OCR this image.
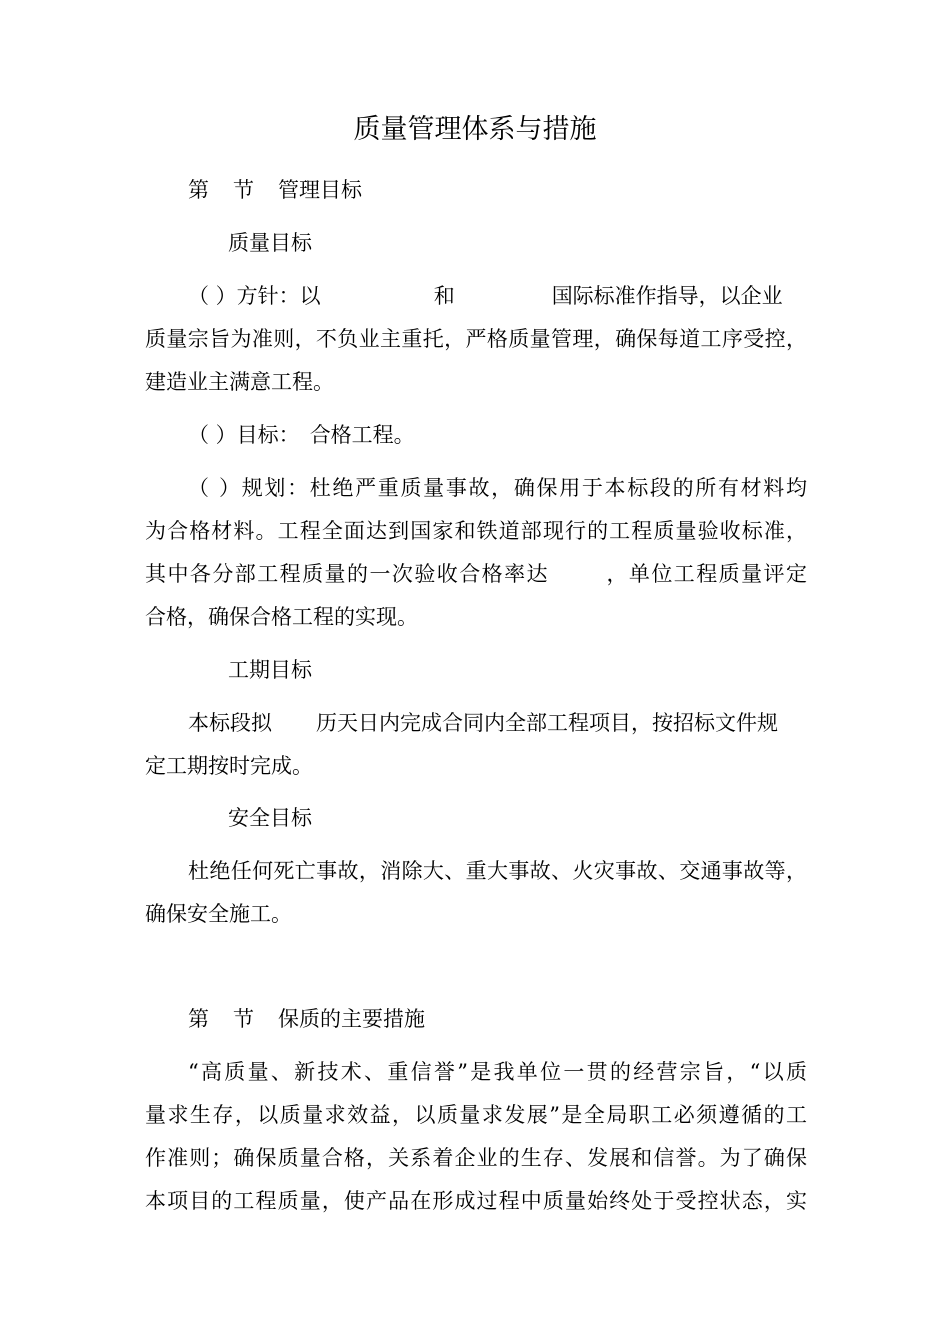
质量管理体系与措施
第 节 管理目标
质量目标
（ ）方针：以	和	国际标准作指导，以企业
质量宗旨为准则，不负业主重托，严格质量管理，确保每道工序受控，
建造业主满意工程。
（ ）目标： 合格工程。
（ ）规划：杜绝严重质量事故，确保用于本标段的所有材料均
为合格材料。工程全面达到国家和铁道部现行的工程质量验收标准，
其中各分部工程质量的一次验收合格率达	，单位工程质量评定
合格，确保合格工程的实现。
工期目标
本标段拟 历天日内完成合同内全部工程项目，按招标文件规
定工期按时完成。
安全目标
杜绝任何死亡事故，消除大、重大事故、火灾事故、交通事故等，
确保安全施工。
第 节 保质的主要措施
“高质量、新技术、重信誉”是我单位一贯的经营宗旨，“以质
量求生存，以质量求效益，以质量求发展”是全局职工必须遵循的工
作准则；确保质量合格，关系着企业的生存、发展和信誉。为了确保
本项目的工程质量，使产品在形成过程中质量始终处于受控状态，实
